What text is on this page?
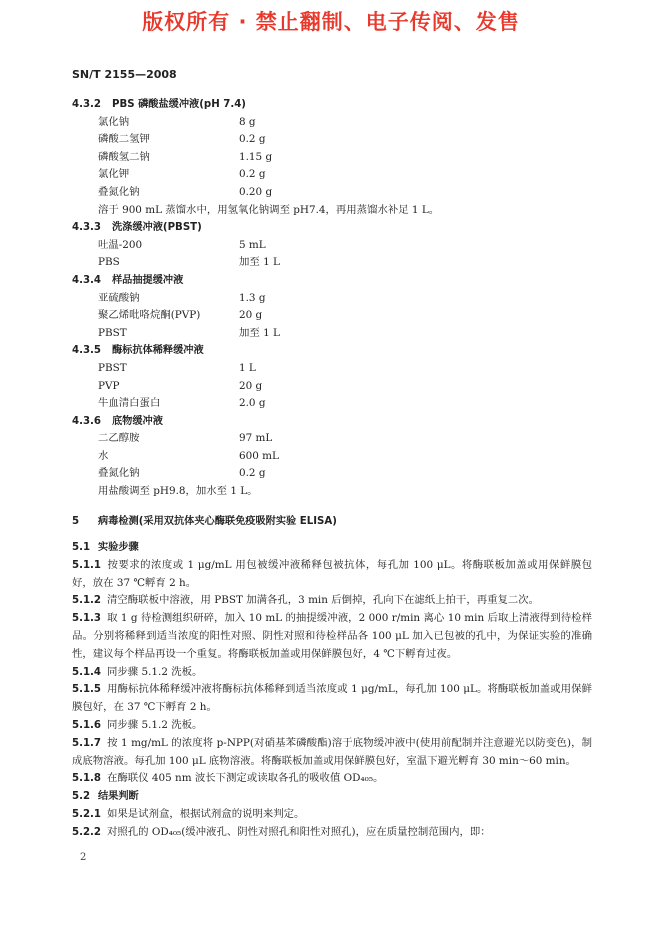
版权所有 · 禁止翻制、电子传阅、发售
SN/T 2155—2008
4.3.2 PBS 磷酸盐缓冲液(pH 7.4)
氯化钠	8 g
磷酸二氢钾	0.2 g
磷酸氢二钠	1.15 g
氯化钾	0.2 g
叠氮化钠	0.20 g
溶于 900 mL 蒸馏水中，用氢氧化钠调至 pH7.4，再用蒸馏水补足 1 L。
4.3.3 洗涤缓冲液(PBST)
吐温-200	5 mL
PBS	加至 1 L
4.3.4 样品抽提缓冲液
亚硫酸钠	1.3 g
聚乙烯吡咯烷酮(PVP)	20 g
PBST	加至 1 L
4.3.5 酶标抗体稀释缓冲液
PBST	1 L
PVP	20 g
牛血清白蛋白	2.0 g
4.3.6 底物缓冲液
二乙醇胺	97 mL
水	600 mL
叠氮化钠	0.2 g
用盐酸调至 pH9.8，加水至 1 L。
5 病毒检测(采用双抗体夹心酶联免疫吸附实验 ELISA)
5.1 实验步骤
5.1.1 按要求的浓度或 1 μg/mL 用包被缓冲液稀释包被抗体，每孔加 100 μL。将酶联板加盖或用保鲜膜包好，放在 37 ℃孵育 2 h。
5.1.2 清空酶联板中溶液，用 PBST 加满各孔，3 min 后倒掉，孔向下在滤纸上拍干，再重复二次。
5.1.3 取 1 g 待检测组织研碎，加入 10 mL 的抽提缓冲液，2 000 r/min 离心 10 min 后取上清液得到待检样品。分别将稀释到适当浓度的阳性对照、阴性对照和待检样品各 100 μL 加入已包被的孔中，为保证实验的准确性，建议每个样品再设一个重复。将酶联板加盖或用保鲜膜包好，4 ℃下孵育过夜。
5.1.4 同步骤 5.1.2 洗板。
5.1.5 用酶标抗体稀释缓冲液将酶标抗体稀释到适当浓度或 1 μg/mL，每孔加 100 μL。将酶联板加盖或用保鲜膜包好，在 37 ℃下孵育 2 h。
5.1.6 同步骤 5.1.2 洗板。
5.1.7 按 1 mg/mL 的浓度将 p-NPP(对硝基苯磷酸酯)溶于底物缓冲液中(使用前配制并注意避光以防变色)，制成底物溶液。每孔加 100 μL 底物溶液。将酶联板加盖或用保鲜膜包好，室温下避光孵育 30 min～60 min。
5.1.8 在酶联仪 405 nm 波长下测定或读取各孔的吸收值 OD₄₀₅。
5.2 结果判断
5.2.1 如果是试剂盒，根据试剂盒的说明来判定。
5.2.2 对照孔的 OD₄₀₅(缓冲液孔、阴性对照孔和阳性对照孔)，应在质量控制范围内，即：
2
